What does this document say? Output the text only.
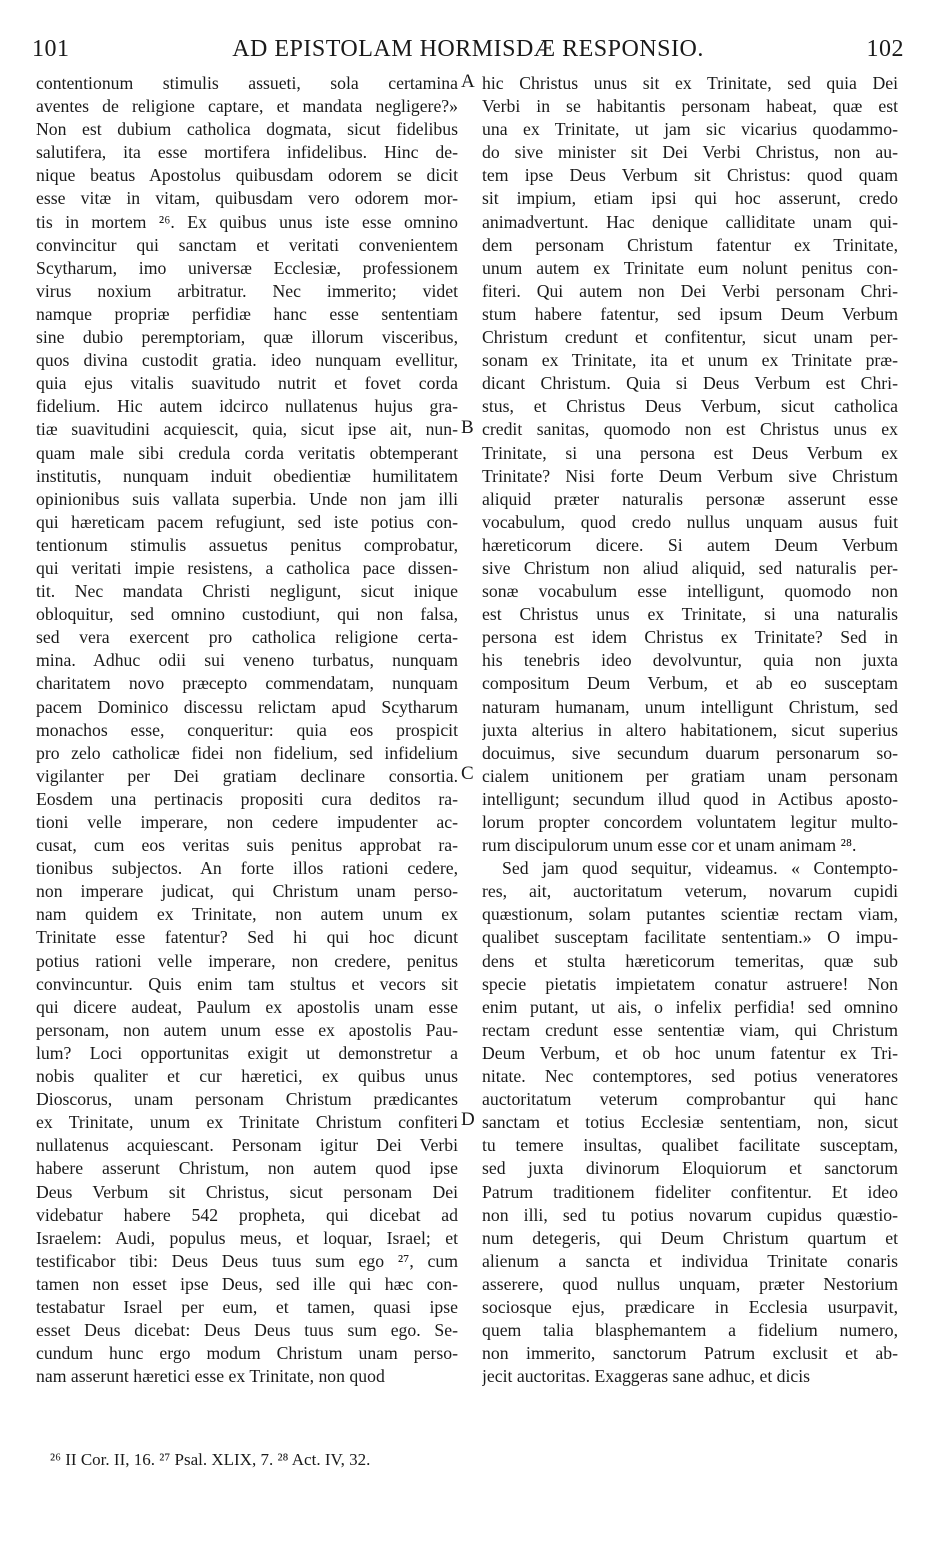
101	AD EPISTOLAM HORMISDÆ RESPONSIO.	102
contentionum stimulis assueti, sola certamina
aventes de religione captare, et mandata negligere?»
Non est dubium catholica dogmata, sicut fidelibus
salutifera, ita esse mortifera infidelibus. Hinc de-
nique beatus Apostolus quibusdam odorem se dicit
esse vitæ in vitam, quibusdam vero odorem mor-
tis in mortem ²⁶. Ex quibus unus iste esse omnino
convincitur qui sanctam et veritati convenientem
Scytharum, imo universæ Ecclesiæ, professionem
virus noxium arbitratur. Nec immerito; videt
namque propriæ perfidiæ hanc esse sententiam
sine dubio peremptoriam, quæ illorum visceribus,
quos divina custodit gratia. ideo nunquam evellitur,
quia ejus vitalis suavitudo nutrit et fovet corda
fidelium. Hic autem idcirco nullatenus hujus gra-
tiæ suavitudini acquiescit, quia, sicut ipse ait, nun-
quam male sibi credula corda veritatis obtemperant
institutis, nunquam induit obedientiæ humilitatem
opinionibus suis vallata superbia. Unde non jam illi
qui hæreticam pacem refugiunt, sed iste potius con-
tentionum stimulis assuetus penitus comprobatur,
qui veritati impie resistens, a catholica pace dissen-
tit. Nec mandata Christi negligunt, sicut inique
obloquitur, sed omnino custodiunt, qui non falsa,
sed vera exercent pro catholica religione certa-
mina. Adhuc odii sui veneno turbatus, nunquam
charitatem novo præcepto commendatam, nunquam
pacem Dominico discessu relictam apud Scytharum
monachos esse, conqueritur: quia eos prospicit
pro zelo catholicæ fidei non fidelium, sed infidelium
vigilanter per Dei gratiam declinare consortia.
Eosdem una pertinacis propositi cura deditos ra-
tioni velle imperare, non cedere impudenter ac-
cusat, cum eos veritas suis penitus approbat ra-
tionibus subjectos. An forte illos rationi cedere,
non imperare judicat, qui Christum unam perso-
nam quidem ex Trinitate, non autem unum ex
Trinitate esse fatentur? Sed hi qui hoc dicunt
potius rationi velle imperare, non credere, penitus
convincuntur. Quis enim tam stultus et vecors sit
qui dicere audeat, Paulum ex apostolis unam esse
personam, non autem unum esse ex apostolis Pau-
lum? Loci opportunitas exigit ut demonstretur a
nobis qualiter et cur hæretici, ex quibus unus
Dioscorus, unam personam Christum prædicantes
ex Trinitate, unum ex Trinitate Christum confiteri
nullatenus acquiescant. Personam igitur Dei Verbi
habere asserunt Christum, non autem quod ipse
Deus Verbum sit Christus, sicut personam Dei
videbatur habere 542 propheta, qui dicebat ad
Israelem: Audi, populus meus, et loquar, Israel; et
testificabor tibi: Deus Deus tuus sum ego ²⁷, cum
tamen non esset ipse Deus, sed ille qui hæc con-
testabatur Israel per eum, et tamen, quasi ipse
esset Deus dicebat: Deus Deus tuus sum ego. Se-
cundum hunc ergo modum Christum unam perso-
nam asserunt hæretici esse ex Trinitate, non quod
hic Christus unus sit ex Trinitate, sed quia Dei
Verbi in se habitantis personam habeat, quæ est
una ex Trinitate, ut jam sic vicarius quodammo-
do sive minister sit Dei Verbi Christus, non au-
tem ipse Deus Verbum sit Christus: quod quam
sit impium, etiam ipsi qui hoc asserunt, credo
animadvertunt. Hac denique calliditate unam qui-
dem personam Christum fatentur ex Trinitate,
unum autem ex Trinitate eum nolunt penitus con-
fiteri. Qui autem non Dei Verbi personam Chri-
stum habere fatentur, sed ipsum Deum Verbum
Christum credunt et confitentur, sicut unam per-
sonam ex Trinitate, ita et unum ex Trinitate præ-
dicant Christum. Quia si Deus Verbum est Chri-
stus, et Christus Deus Verbum, sicut catholica
credit sanitas, quomodo non est Christus unus ex
Trinitate, si una persona est Deus Verbum ex
Trinitate? Nisi forte Deum Verbum sive Christum
aliquid præter naturalis personæ asserunt esse
vocabulum, quod credo nullus unquam ausus fuit
hæreticorum dicere. Si autem Deum Verbum
sive Christum non aliud aliquid, sed naturalis per-
sonæ vocabulum esse intelligunt, quomodo non
est Christus unus ex Trinitate, si una naturalis
persona est idem Christus ex Trinitate? Sed in
his tenebris ideo devolvuntur, quia non juxta
compositum Deum Verbum, et ab eo susceptam
naturam humanam, unum intelligunt Christum, sed
juxta alterius in altero habitationem, sicut superius
docuimus, sive secundum duarum personarum so-
cialem unitionem per gratiam unam personam
intelligunt; secundum illud quod in Actibus aposto-
lorum propter concordem voluntatem legitur multo-
rum discipulorum unum esse cor et unam animam ²⁸.
Sed jam quod sequitur, videamus. « Contempto-
res, ait, auctoritatum veterum, novarum cupidi
quæstionum, solam putantes scientiæ rectam viam,
qualibet susceptam facilitate sententiam.» O impu-
dens et stulta hæreticorum temeritas, quæ sub
specie pietatis impietatem conatur astruere! Non
enim putant, ut ais, o infelix perfidia! sed omnino
rectam credunt esse sententiæ viam, qui Christum
Deum Verbum, et ob hoc unum fatentur ex Tri-
nitate. Nec contemptores, sed potius veneratores
auctoritatum veterum comprobantur qui hanc
sanctam et totius Ecclesiæ sententiam, non, sicut
tu temere insultas, qualibet facilitate susceptam,
sed juxta divinorum Eloquiorum et sanctorum
Patrum traditionem fideliter confitentur. Et ideo
non illi, sed tu potius novarum cupidus quæstio-
num detegeris, qui Deum Christum quartum et
alienum a sancta et individua Trinitate conaris
asserere, quod nullus unquam, præter Nestorium
sociosque ejus, prædicare in Ecclesia usurpavit,
quem talia blasphemantem a fidelium numero,
non immerito, sanctorum Patrum exclusit et ab-
jecit auctoritas. Exaggeras sane adhuc, et dicis
A
B
C
D
²⁶ II Cor. II, 16. ²⁷ Psal. XLIX, 7. ²⁸ Act. IV, 32.
